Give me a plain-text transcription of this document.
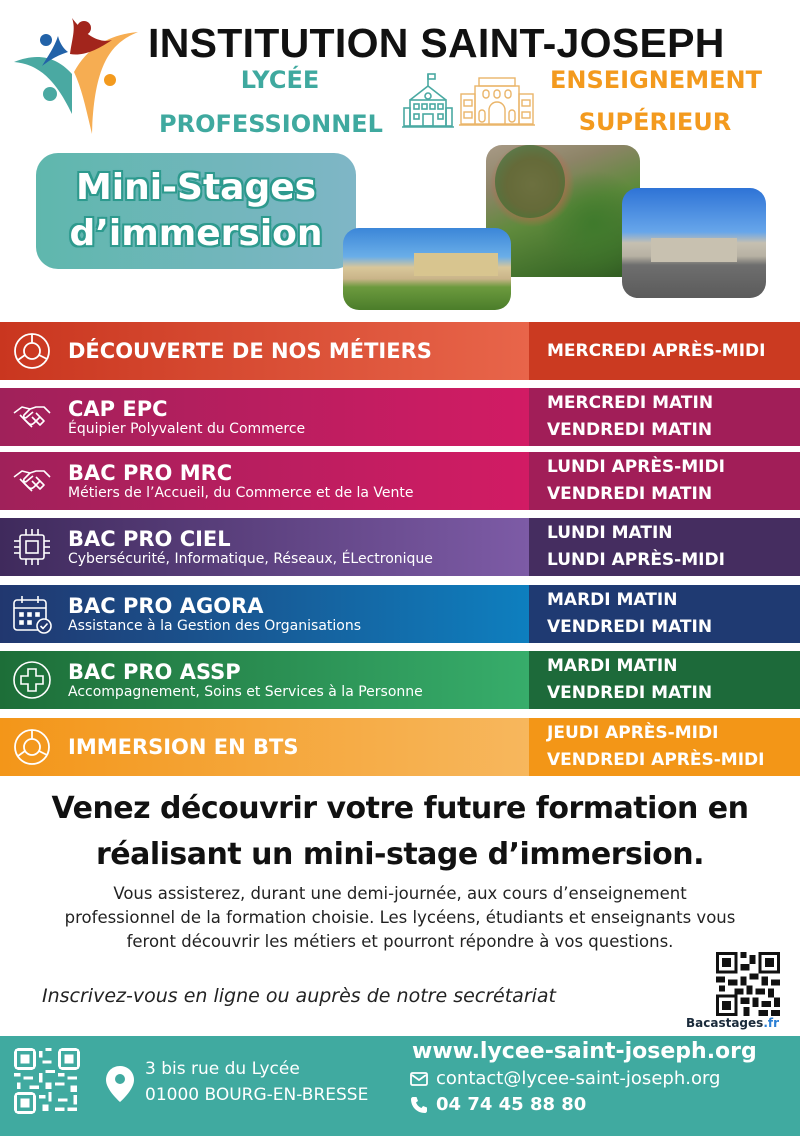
INSTITUTION SAINT-JOSEPH
LYCÉE
PROFESSIONNEL
ENSEIGNEMENT
SUPÉRIEUR
Mini-Stages
d’immersion
DÉCOUVERTE DE NOS MÉTIERS	MERCREDI APRÈS-MIDI
CAP EPC
Équipier Polyvalent du Commerce
MERCREDI MATIN
VENDREDI MATIN
BAC PRO MRC
Métiers de l’Accueil, du Commerce et de la Vente
LUNDI APRÈS-MIDI
VENDREDI MATIN
BAC PRO CIEL
Cybersécurité, Informatique, Réseaux, ÉLectronique
LUNDI MATIN
LUNDI APRÈS-MIDI
BAC PRO AGORA
Assistance à la Gestion des Organisations
MARDI MATIN
VENDREDI MATIN
BAC PRO ASSP
Accompagnement, Soins et Services à la Personne
MARDI MATIN
VENDREDI MATIN
IMMERSION EN BTS
JEUDI APRÈS-MIDI
VENDREDI APRÈS-MIDI
Venez découvrir votre future formation en
réalisant un mini-stage d’immersion.
Vous assisterez, durant une demi-journée, aux cours d’enseignement
professionnel de la formation choisie. Les lycéens, étudiants et enseignants vous
feront découvrir les métiers et pourront répondre à vos questions.
Inscrivez-vous en ligne ou auprès de notre secrétariat
Bacastages.fr
3 bis rue du Lycée
01000 BOURG-EN-BRESSE
www.lycee-saint-joseph.org
contact@lycee-saint-joseph.org
04 74 45 88 80
